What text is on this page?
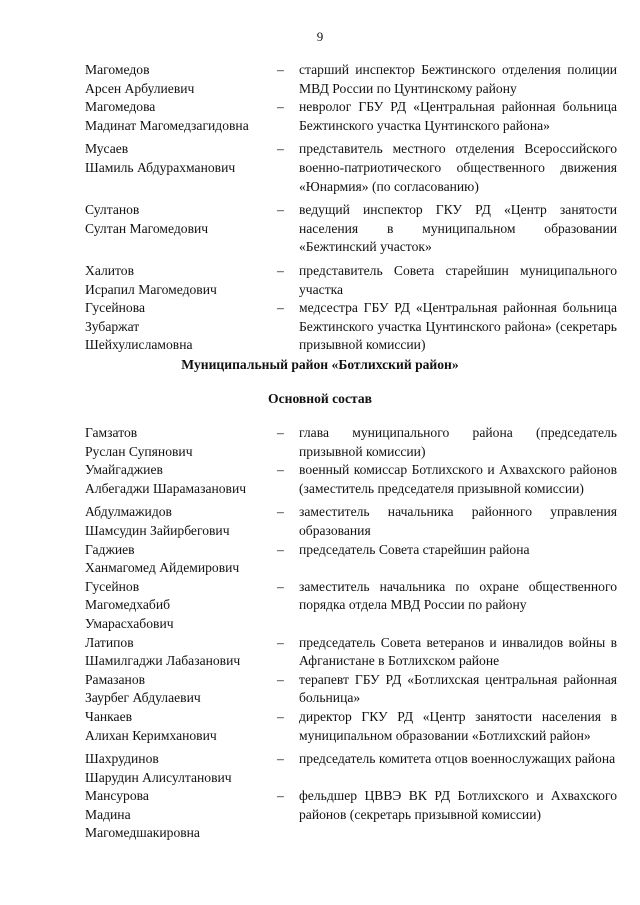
9
Магомедов
Арсен Арбулиевич
–	старший инспектор Бежтинского отделения полиции МВД России по Цунтинскому району
Магомедова
Мадинат Магомедзагидовна
–	невролог ГБУ РД «Центральная районная больница Бежтинского участка Цунтинского района»
Мусаев
Шамиль Абдурахманович
–	представитель местного отделения Всероссийского военно-патриотического общественного движения «Юнармия» (по согласованию)
Султанов
Султан Магомедович
–	ведущий инспектор ГКУ РД «Центр занятости населения в муниципальном образовании «Бежтинский участок»
Халитов
Исрапил Магомедович
–	представитель Совета старейшин муниципального участка
Гусейнова
Зубаржат
Шейхулисламовна
–	медсестра ГБУ РД «Центральная районная больница Бежтинского участка Цунтинского района» (секретарь призывной комиссии)
Муниципальный район «Ботлихский район»
Основной состав
Гамзатов
Руслан Супянович
–	глава муниципального района (председатель призывной комиссии)
Умайгаджиев
Албегаджи Шарамазанович
–	военный комиссар Ботлихского и Ахвахского районов (заместитель председателя призывной комиссии)
Абдулмажидов
Шамсудин Зайирбегович
–	заместитель начальника районного управления образования
Гаджиев
Ханмагомед Айдемирович
–	председатель Совета старейшин района
Гусейнов
Магомедхабиб
Умарасхабович
–	заместитель начальника по охране общественного порядка отдела МВД России по району
Латипов
Шамилгаджи Лабазанович
–	председатель Совета ветеранов и инвалидов войны в Афганистане в Ботлихском районе
Рамазанов
Заурбег Абдулаевич
–	терапевт ГБУ РД «Ботлихская центральная районная больница»
Чанкаев
Алихан Керимханович
–	директор ГКУ РД «Центр занятости населения в муниципальном образовании «Ботлихский район»
Шахрудинов
Шарудин Алисултанович
–	председатель комитета отцов военнослужащих района
Мансурова
Мадина
Магомедшакировна
–	фельдшер ЦВВЭ ВК РД Ботлихского и Ахвахского районов (секретарь призывной комиссии)
